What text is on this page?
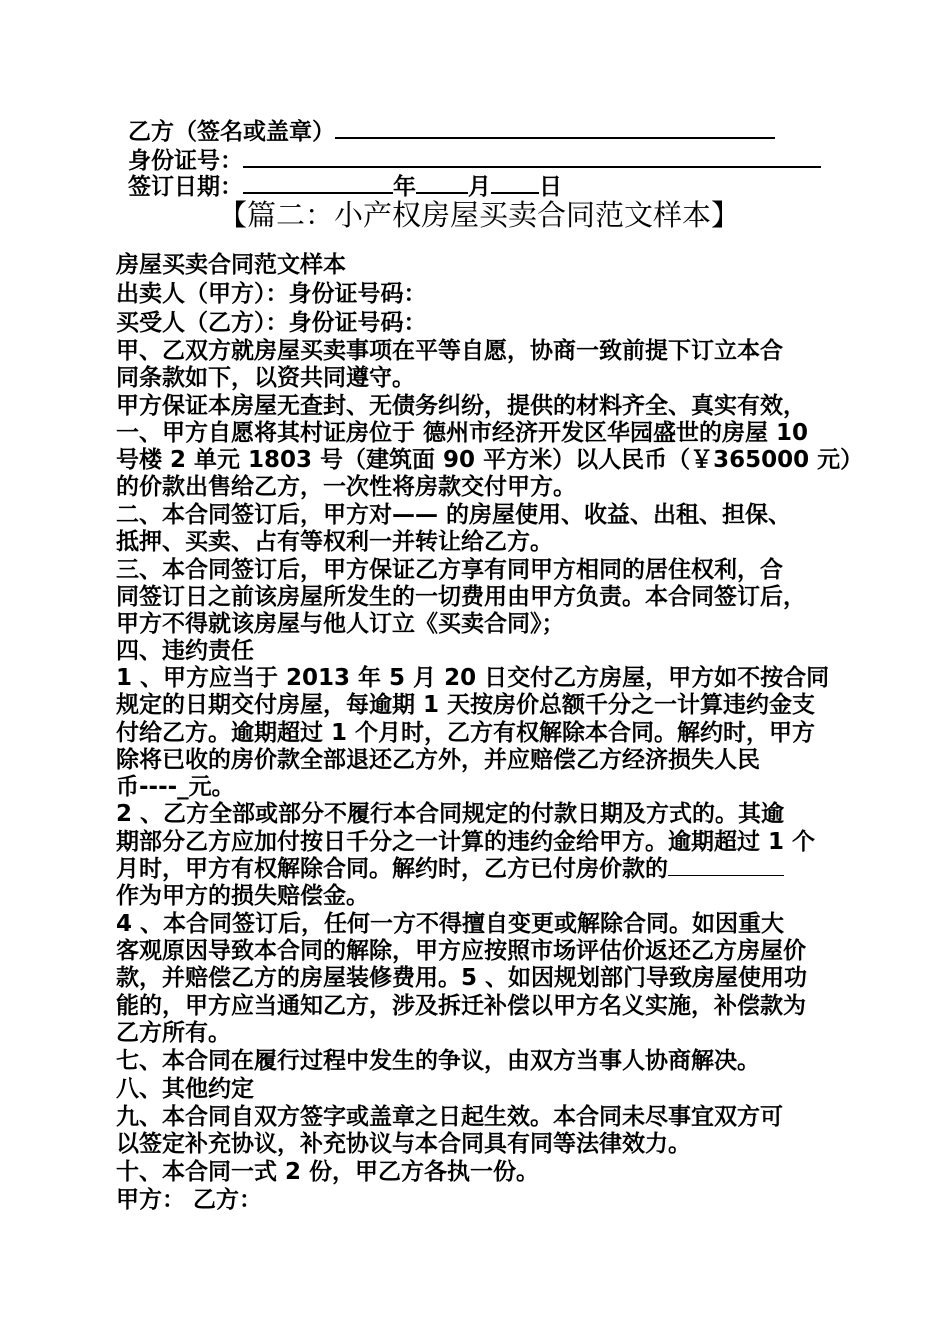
乙方（签名或盖章）
身份证号：
签订日期：	年 月 日
【篇二：小产权房屋买卖合同范文样本】
房屋买卖合同范文样本
出卖人（甲方）：身份证号码：
买受人（乙方）：身份证号码：
甲、乙双方就房屋买卖事项在平等自愿，协商一致前提下订立本合
同条款如下，以资共同遵守。
甲方保证本房屋无查封、无债务纠纷，提供的材料齐全、真实有效，
一、甲方自愿将其村证房位于 德州市经济开发区华园盛世的房屋 10
号楼 2 单元 1803 号（建筑面 90 平方米）以人民币（￥365000 元）
的价款出售给乙方，一次性将房款交付甲方。
二、本合同签订后，甲方对—— 的房屋使用、收益、出租、担保、
抵押、买卖、占有等权利一并转让给乙方。
三、本合同签订后，甲方保证乙方享有同甲方相同的居住权利，合
同签订日之前该房屋所发生的一切费用由甲方负责。本合同签订后，
甲方不得就该房屋与他人订立《买卖合同》；
四、违约责任
1 、甲方应当于 2013 年 5 月 20 日交付乙方房屋，甲方如不按合同
规定的日期交付房屋，每逾期 1 天按房价总额千分之一计算违约金支
付给乙方。逾期超过 1 个月时，乙方有权解除本合同。解约时，甲方
除将已收的房价款全部退还乙方外，并应赔偿乙方经济损失人民
币----_元。
2 、乙方全部或部分不履行本合同规定的付款日期及方式的。其逾
期部分乙方应加付按日千分之一计算的违约金给甲方。逾期超过 1 个
月时，甲方有权解除合同。解约时，乙方已付房价款的
作为甲方的损失赔偿金。
4 、本合同签订后，任何一方不得擅自变更或解除合同。如因重大
客观原因导致本合同的解除，甲方应按照市场评估价返还乙方房屋价
款，并赔偿乙方的房屋装修费用。5 、如因规划部门导致房屋使用功
能的，甲方应当通知乙方，涉及拆迁补偿以甲方名义实施，补偿款为
乙方所有。
七、本合同在履行过程中发生的争议，由双方当事人协商解决。
八、其他约定
九、本合同自双方签字或盖章之日起生效。本合同未尽事宜双方可
以签定补充协议，补充协议与本合同具有同等法律效力。
十、本合同一式 2 份，甲乙方各执一份。
甲方： 乙方：
